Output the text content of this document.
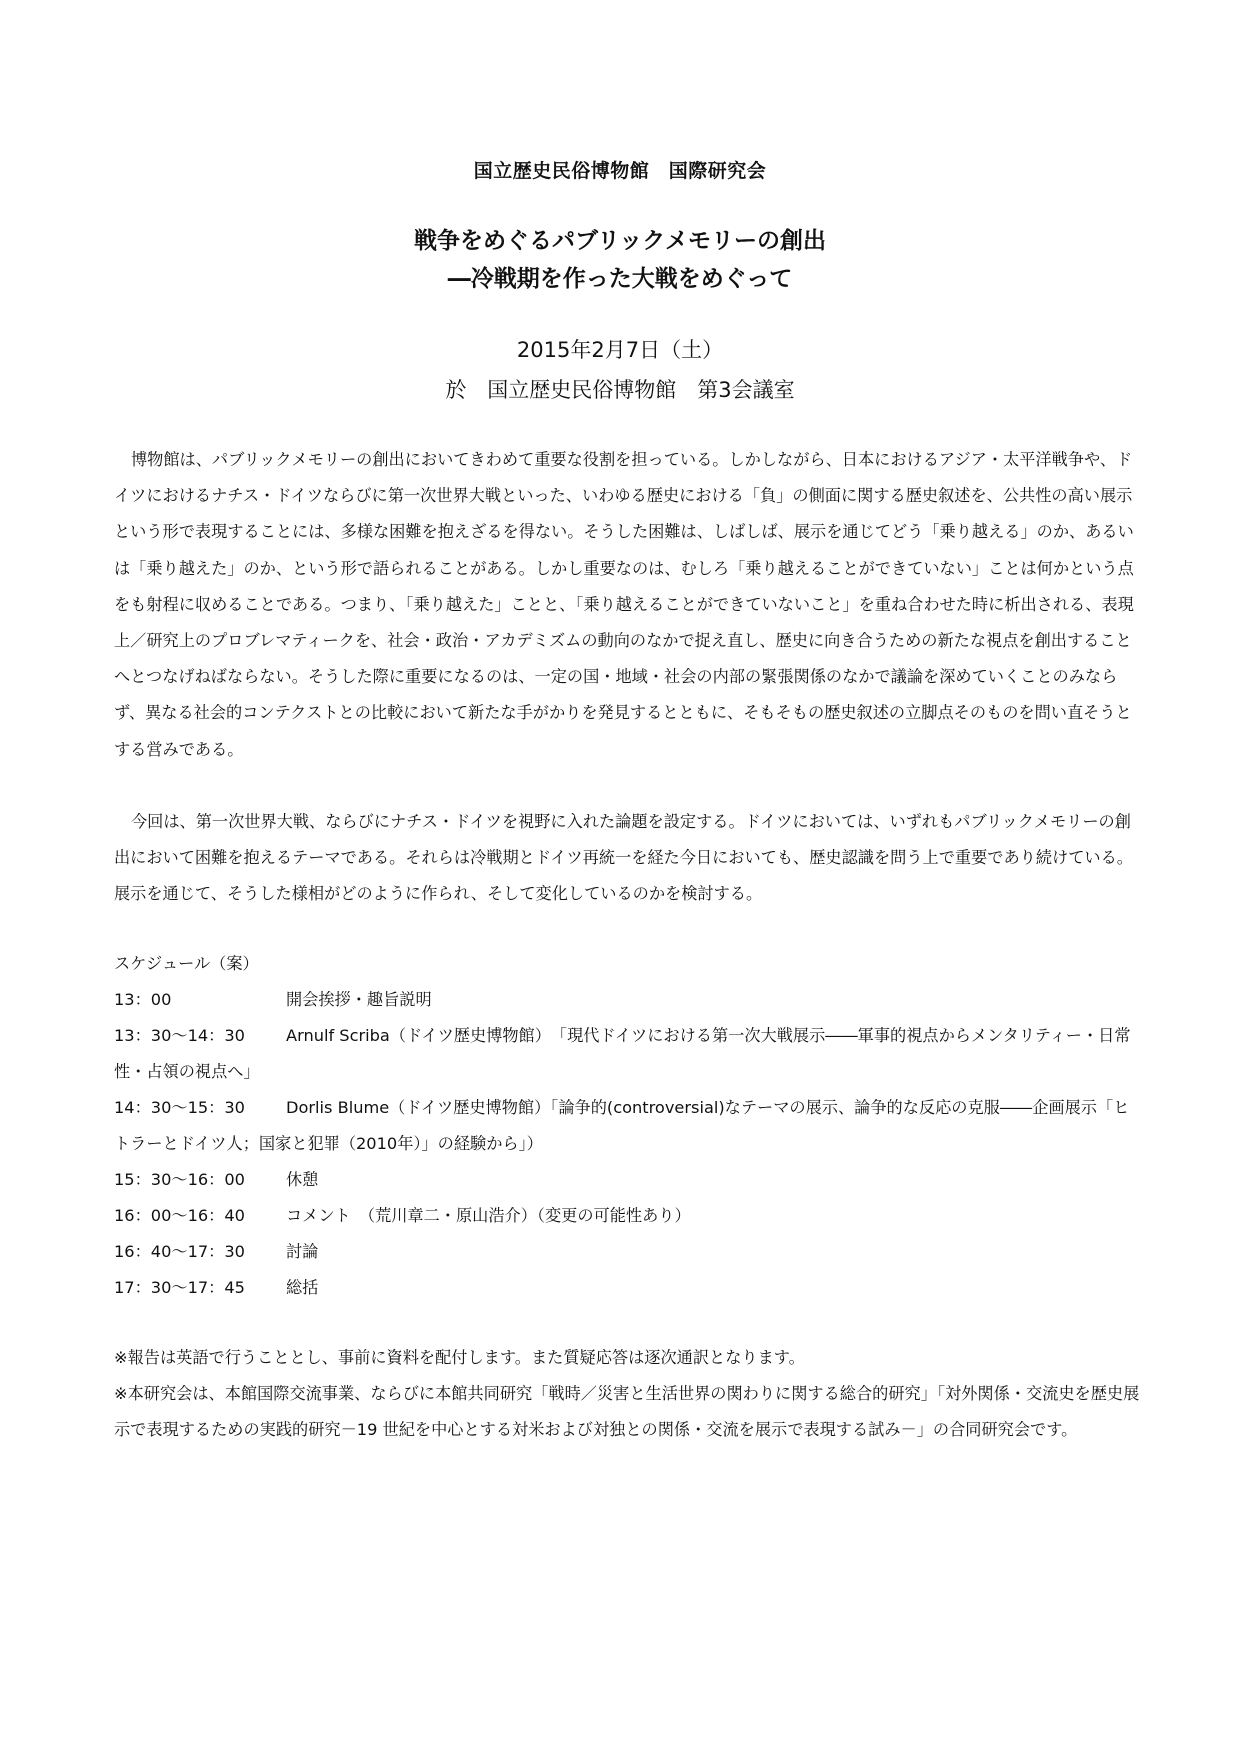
国立歴史民俗博物館　国際研究会
戦争をめぐるパブリックメモリーの創出
―冷戦期を作った大戦をめぐって
2015年2月7日（土）
於　国立歴史民俗博物館　第3会議室

博物館は、パブリックメモリーの創出においてきわめて重要な役割を担っている。しかしながら、日本におけるアジア・太平洋戦争や、ドイツにおけるナチス・ドイツならびに第一次世界大戦といった、いわゆる歴史における「負」の側面に関する歴史叙述を、公共性の高い展示という形で表現することには、多様な困難を抱えざるを得ない。そうした困難は、しばしば、展示を通じてどう「乗り越える」のか、あるいは「乗り越えた」のか、という形で語られることがある。しかし重要なのは、むしろ「乗り越えることができていない」ことは何かという点をも射程に収めることである。つまり、「乗り越えた」ことと、「乗り越えることができていないこと」を重ね合わせた時に析出される、表現上／研究上のプロブレマティークを、社会・政治・アカデミズムの動向のなかで捉え直し、歴史に向き合うための新たな視点を創出することへとつなげねばならない。そうした際に重要になるのは、一定の国・地域・社会の内部の緊張関係のなかで議論を深めていくことのみならず、異なる社会的コンテクストとの比較において新たな手がかりを発見するとともに、そもそもの歴史叙述の立脚点そのものを問い直そうとする営みである。

今回は、第一次世界大戦、ならびにナチス・ドイツを視野に入れた論題を設定する。ドイツにおいては、いずれもパブリックメモリーの創出において困難を抱えるテーマである。それらは冷戦期とドイツ再統一を経た今日においても、歴史認識を問う上で重要であり続けている。展示を通じて、そうした様相がどのように作られ、そして変化しているのかを検討する。

スケジュール（案）
13：00	開会挨拶・趣旨説明
13：30〜14：30	Arnulf Scriba（ドイツ歴史博物館）　「現代ドイツにおける第一次大戦展示――軍事的視点からメンタリティー・日常性・占領の視点へ」
14：30〜15：30	Dorlis Blume（ドイツ歴史博物館）「論争的(controversial)なテーマの展示、論争的な反応の克服――企画展示「ヒトラーとドイツ人；国家と犯罪（2010年）」の経験から」）
15：30〜16：00	休憩
16：00〜16：40	コメント　（荒川章二・原山浩介）（変更の可能性あり）
16：40〜17：30	討論
17：30〜17：45	総括

※報告は英語で行うこととし、事前に資料を配付します。また質疑応答は逐次通訳となります。

※本研究会は、本館国際交流事業、ならびに本館共同研究「戦時／災害と生活世界の関わりに関する総合的研究」「対外関係・交流史を歴史展示で表現するための実践的研究－19 世紀を中心とする対米および対独との関係・交流を展示で表現する試み－」の合同研究会です。
